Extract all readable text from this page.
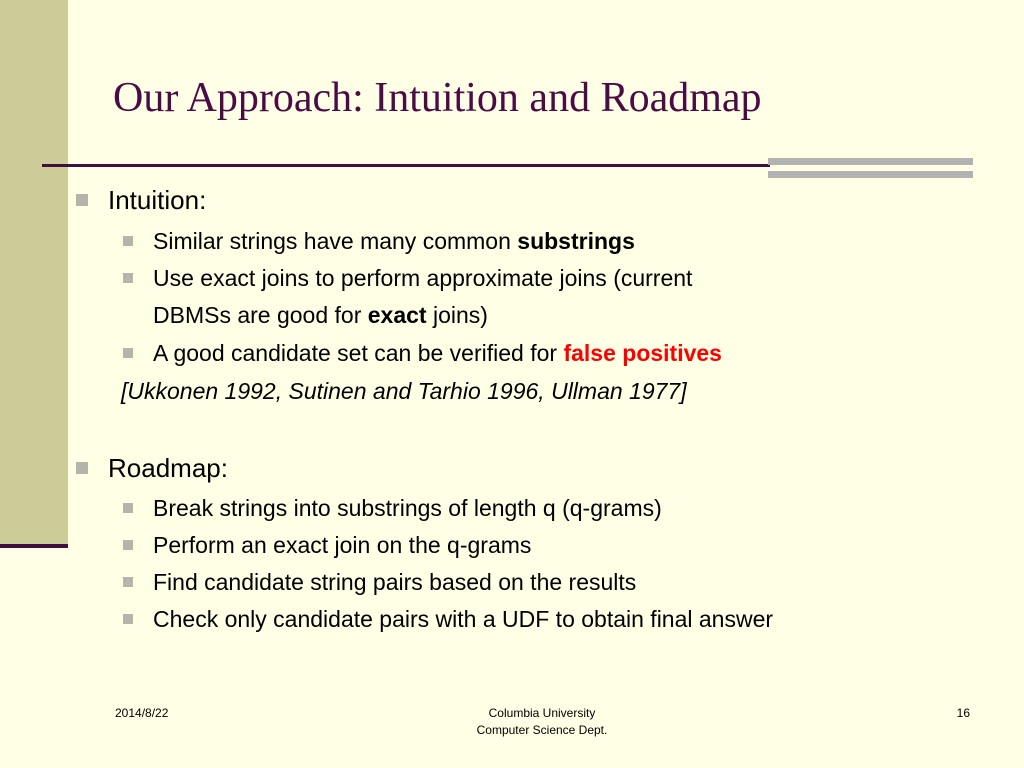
Our Approach: Intuition and Roadmap
Intuition:
Similar strings have many common substrings
Use exact joins to perform approximate joins (current
DBMSs are good for exact joins)
A good candidate set can be verified for false positives
[Ukkonen 1992, Sutinen and Tarhio 1996, Ullman 1977]
Roadmap:
Break strings into substrings of length q (q-grams)
Perform an exact join on the q-grams
Find candidate string pairs based on the results
Check only candidate pairs with a UDF to obtain final answer
2014/8/22	Columbia University
Computer Science Dept.
16
